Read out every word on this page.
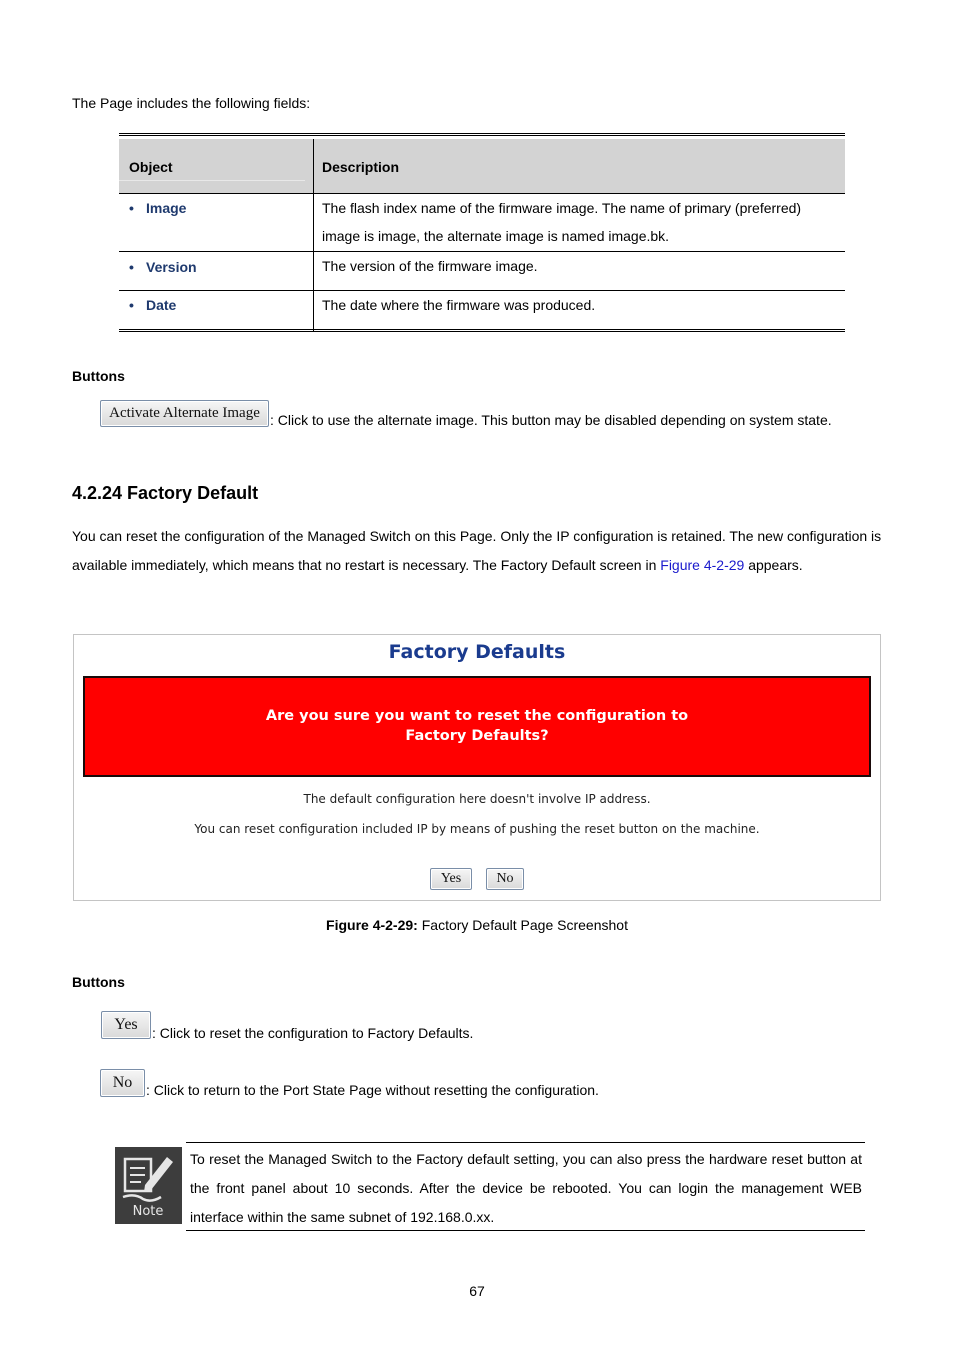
The Page includes the following fields:
Object	Description
• Image	The flash index name of the firmware image. The name of primary (preferred) image is image, the alternate image is named image.bk.
• Version	The version of the firmware image.
• Date	The date where the firmware was produced.
Buttons
Activate Alternate Image : Click to use the alternate image. This button may be disabled depending on system state.
4.2.24 Factory Default
You can reset the configuration of the Managed Switch on this Page. Only the IP configuration is retained. The new configuration is available immediately, which means that no restart is necessary. The Factory Default screen in Figure 4-2-29 appears.
Factory Defaults
Are you sure you want to reset the configuration to
Factory Defaults?
The default configuration here doesn't involve IP address.
You can reset configuration included IP by means of pushing the reset button on the machine.
Yes	No
Figure 4-2-29: Factory Default Page Screenshot
Buttons
Yes	: Click to reset the configuration to Factory Defaults.
No : Click to return to the Port State Page without resetting the configuration.
Note
To reset the Managed Switch to the Factory default setting, you can also press the hardware reset button at the front panel about 10 seconds. After the device be rebooted. You can login the management WEB interface within the same subnet of 192.168.0.xx.
67
